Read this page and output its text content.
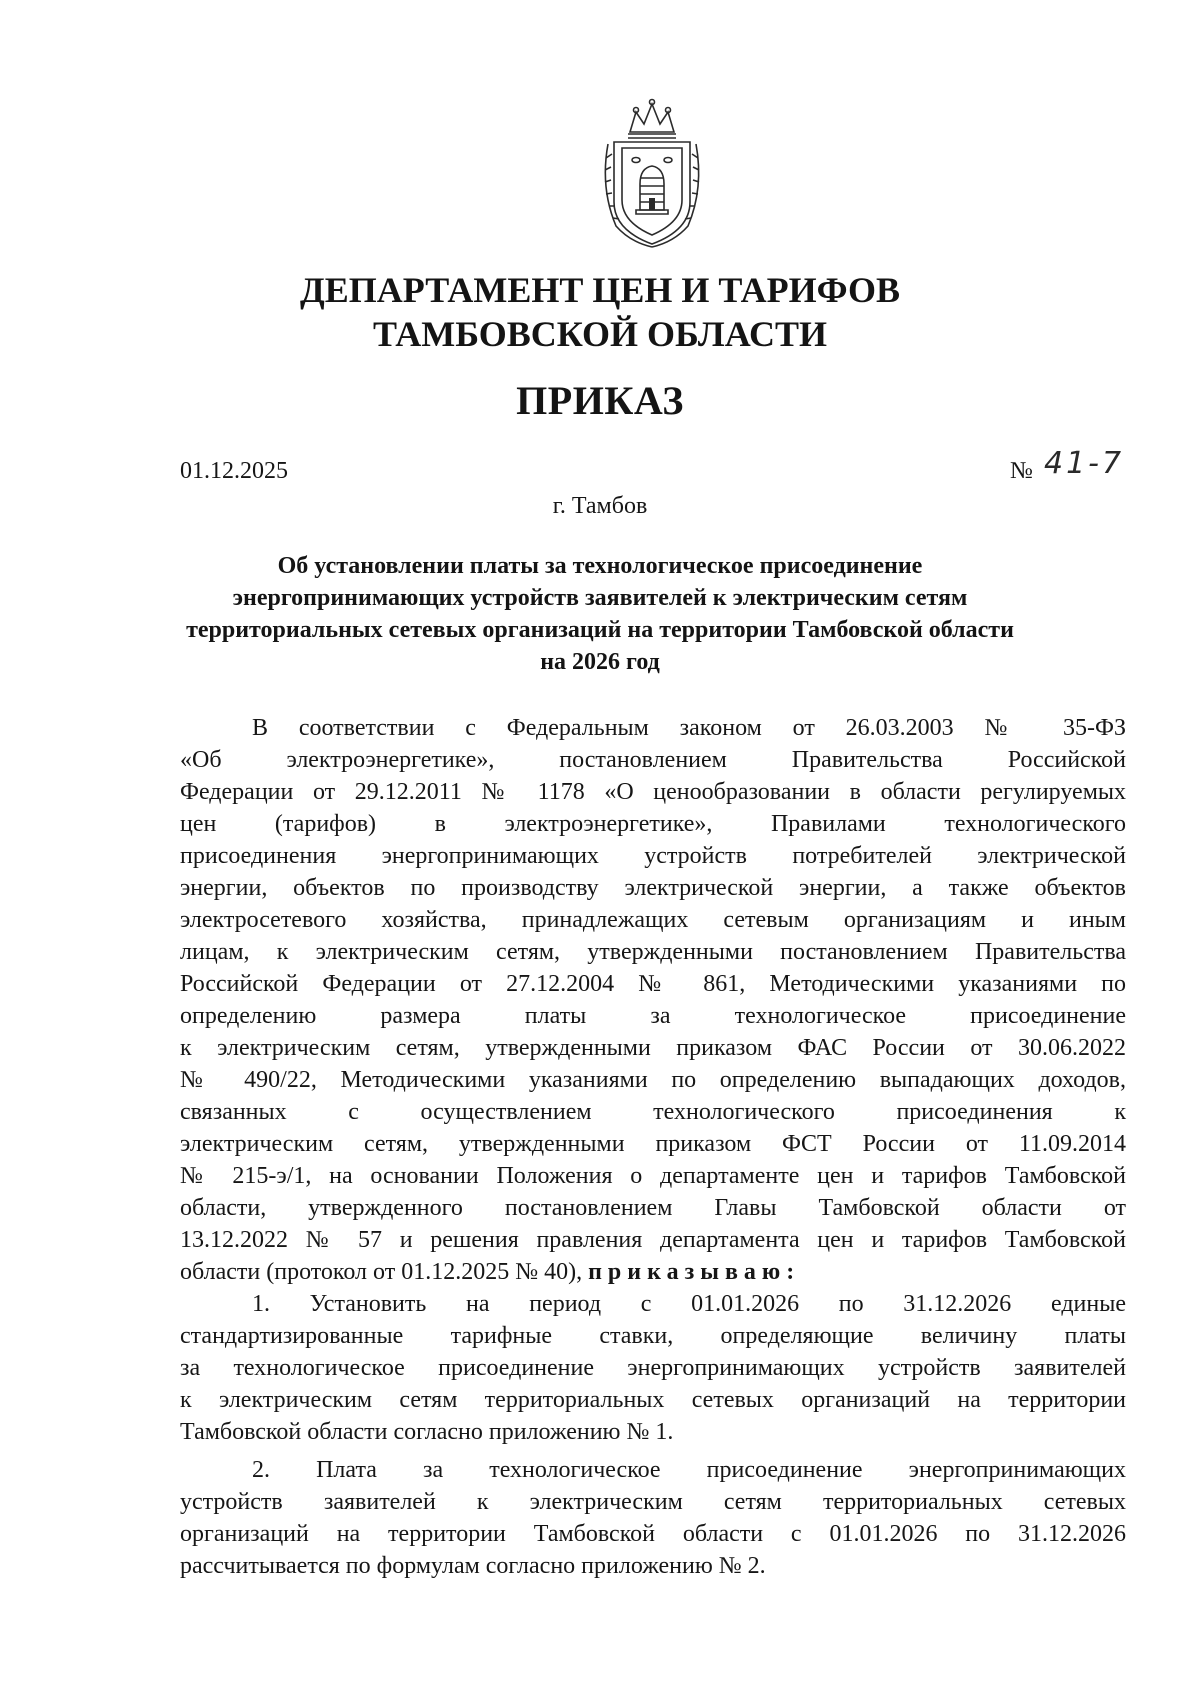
ДЕПАРТАМЕНТ ЦЕН И ТАРИФОВ
ТАМБОВСКОЙ ОБЛАСТИ
ПРИКАЗ
01.12.2025	№ 41-7
г. Тамбов
Об установлении платы за технологическое присоединение
энергопринимающих устройств заявителей к электрическим сетям
территориальных сетевых организаций на территории Тамбовской области
на 2026 год
В соответствии с Федеральным законом от 26.03.2003 № 35-ФЗ
«Об электроэнергетике», постановлением Правительства Российской
Федерации от 29.12.2011 № 1178 «О ценообразовании в области регулируемых
цен (тарифов) в электроэнергетике», Правилами технологического
присоединения энергопринимающих устройств потребителей электрической
энергии, объектов по производству электрической энергии, а также объектов
электросетевого хозяйства, принадлежащих сетевым организациям и иным
лицам, к электрическим сетям, утвержденными постановлением Правительства
Российской Федерации от 27.12.2004 № 861, Методическими указаниями по
определению размера платы за технологическое присоединение
к электрическим сетям, утвержденными приказом ФАС России от 30.06.2022
№ 490/22, Методическими указаниями по определению выпадающих доходов,
связанных с осуществлением технологического присоединения к
электрическим сетям, утвержденными приказом ФСТ России от 11.09.2014
№ 215-э/1, на основании Положения о департаменте цен и тарифов Тамбовской
области, утвержденного постановлением Главы Тамбовской области от
13.12.2022 № 57 и решения правления департамента цен и тарифов Тамбовской
области (протокол от 01.12.2025 № 40), приказываю:
1. Установить на период с 01.01.2026 по 31.12.2026 единые
стандартизированные тарифные ставки, определяющие величину платы
за технологическое присоединение энергопринимающих устройств заявителей
к электрическим сетям территориальных сетевых организаций на территории
Тамбовской области согласно приложению № 1.
2. Плата за технологическое присоединение энергопринимающих
устройств заявителей к электрическим сетям территориальных сетевых
организаций на территории Тамбовской области с 01.01.2026 по 31.12.2026
рассчитывается по формулам согласно приложению № 2.
